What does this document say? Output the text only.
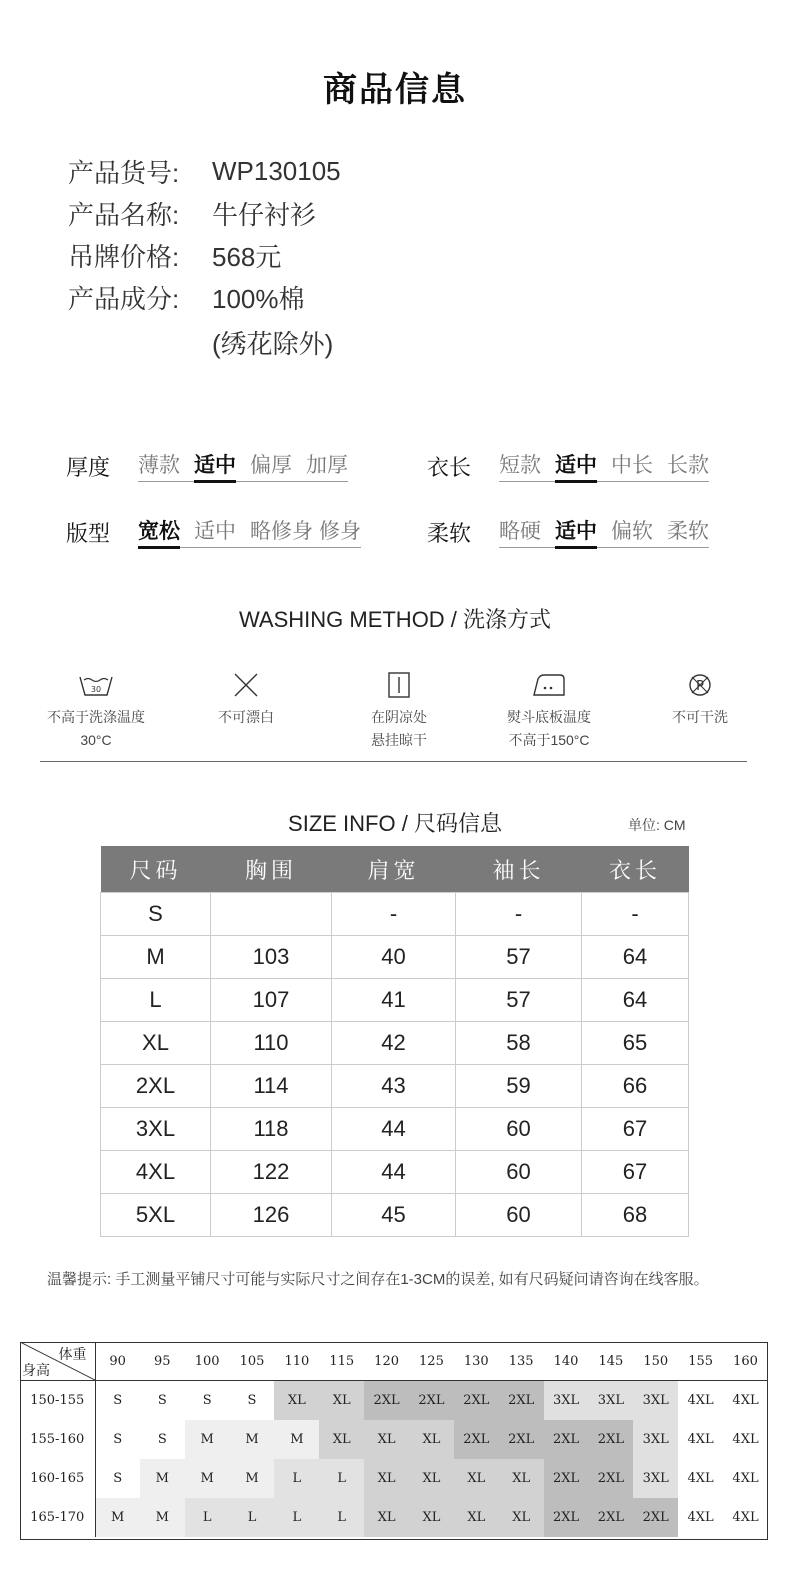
商品信息
产品货号:	WP130105
产品名称:	牛仔衬衫
吊牌价格:	568元
产品成分:	100%棉
(绣花除外)
厚度	薄款 适中 偏厚 加厚	衣长	短款 适中 中长 长款
版型	宽松 适中 略修身 修身	柔软	略硬 适中 偏软 柔软
WASHING METHOD / 洗涤方式
30
不高于洗涤温度
30°C
不可漂白	在阴凉处
悬挂晾干
熨斗底板温度
不高于150°C
P
不可干洗
SIZE INFO / 尺码信息	单位: CM
尺码	胸围	肩宽	袖长	衣长
S		-	-	-
M	103	40	57	64
L	107	41	57	64
XL	110	42	58	65
2XL	114	43	59	66
3XL	118	44	60	67
4XL	122	44	60	67
5XL	126	45	60	68
温馨提示: 手工测量平铺尺寸可能与实际尺寸之间存在1-3CM的误差, 如有尺码疑问请咨询在线客服。
体重
身高	90	95	100	105	110	115	120	125	130	135	140	145	150	155	160
150-155	S	S	S	S	XL	XL	2XL	2XL	2XL	2XL	3XL	3XL	3XL	4XL	4XL
155-160	S	S	M	M	M	XL	XL	XL	2XL	2XL	2XL	2XL	3XL	4XL	4XL
160-165	S	M	M	M	L	L	XL	XL	XL	XL	2XL	2XL	3XL	4XL	4XL
165-170	M	M	L	L	L	L	XL	XL	XL	XL	2XL	2XL	2XL	4XL	4XL
